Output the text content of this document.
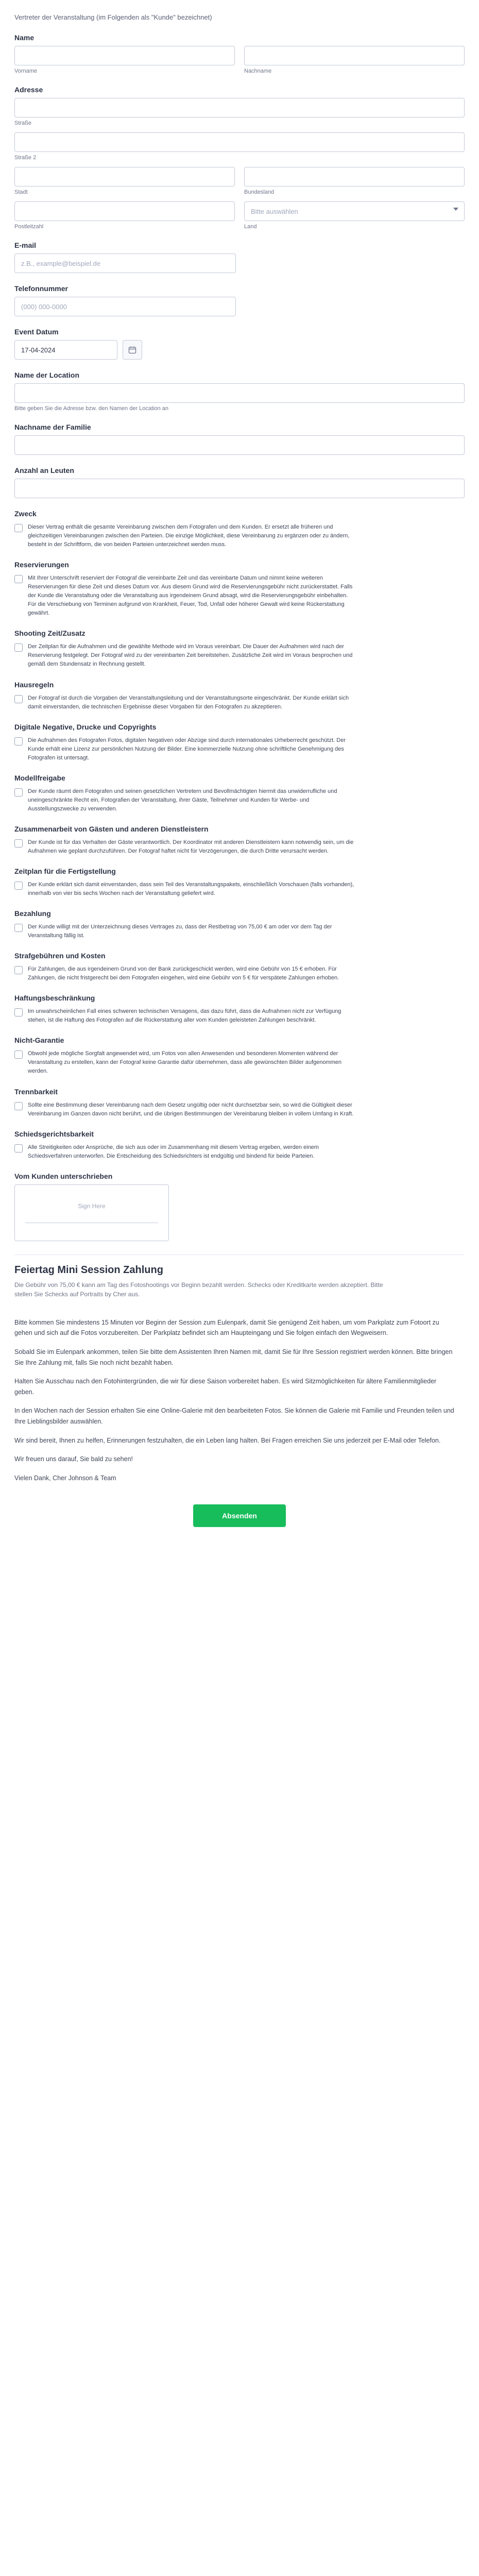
Vertreter der Veranstaltung (im Folgenden als "Kunde" bezeichnet)

Name
Vorname	Nachname
Adresse
Straße
Straße 2
Stadt	Bundesland
Postleitzahl
Bitte auswählen
Land
E-mail
z.B., example@beispiel.de
Telefonnummer
(000) 000-0000
Event Datum
17-04-2024
Name der Location
Bitte geben Sie die Adresse bzw. den Namen der Location an
Nachname der Familie
Anzahl an Leuten
Zweck
Dieser Vertrag enthält die gesamte Vereinbarung zwischen dem Fotografen und dem Kunden. Er ersetzt alle früheren und gleichzeitigen Vereinbarungen zwischen den Parteien. Die einzige Möglichkeit, diese Vereinbarung zu ergänzen oder zu ändern, besteht in der Schriftform, die von beiden Parteien unterzeichnet werden muss.
Reservierungen
Mit Ihrer Unterschrift reserviert der Fotograf die vereinbarte Zeit und das vereinbarte Datum und nimmt keine weiteren Reservierungen für diese Zeit und dieses Datum vor. Aus diesem Grund wird die Reservierungsgebühr nicht zurückerstattet. Falls der Kunde die Veranstaltung oder die Veranstaltung aus irgendeinem Grund absagt, wird die Reservierungsgebühr einbehalten. Für die Verschiebung von Terminen aufgrund von Krankheit, Feuer, Tod, Unfall oder höherer Gewalt wird keine Rückerstattung gewährt.
Shooting Zeit/Zusatz
Der Zeitplan für die Aufnahmen und die gewählte Methode wird im Voraus vereinbart. Die Dauer der Aufnahmen wird nach der Reservierung festgelegt. Der Fotograf wird zu der vereinbarten Zeit bereitstehen. Zusätzliche Zeit wird im Voraus besprochen und gemäß dem Stundensatz in Rechnung gestellt.
Hausregeln
Der Fotograf ist durch die Vorgaben der Veranstaltungsleitung und der Veranstaltungsorte eingeschränkt. Der Kunde erklärt sich damit einverstanden, die technischen Ergebnisse dieser Vorgaben für den Fotografen zu akzeptieren.
Digitale Negative, Drucke und Copyrights
Die Aufnahmen des Fotografen Fotos, digitalen Negativen oder Abzüge sind durch internationales Urheberrecht geschützt. Der Kunde erhält eine Lizenz zur persönlichen Nutzung der Bilder. Eine kommerzielle Nutzung ohne schriftliche Genehmigung des Fotografen ist untersagt.
Modellfreigabe
Der Kunde räumt dem Fotografen und seinen gesetzlichen Vertretern und Bevollmächtigten hiermit das unwiderrufliche und uneingeschränkte Recht ein, Fotografien der Veranstaltung, ihrer Gäste, Teilnehmer und Kunden für Werbe- und Ausstellungszwecke zu verwenden.
Zusammenarbeit von Gästen und anderen Dienstleistern
Der Kunde ist für das Verhalten der Gäste verantwortlich. Der Koordinator mit anderen Dienstleistern kann notwendig sein, um die Aufnahmen wie geplant durchzuführen. Der Fotograf haftet nicht für Verzögerungen, die durch Dritte verursacht werden.
Zeitplan für die Fertigstellung
Der Kunde erklärt sich damit einverstanden, dass sein Teil des Veranstaltungspakets, einschließlich Vorschauen (falls vorhanden), innerhalb von vier bis sechs Wochen nach der Veranstaltung geliefert wird.
Bezahlung
Der Kunde willigt mit der Unterzeichnung dieses Vertrages zu, dass der Restbetrag von 75,00 € am oder vor dem Tag der Veranstaltung fällig ist.
Strafgebühren und Kosten
Für Zahlungen, die aus irgendeinem Grund von der Bank zurückgeschickt werden, wird eine Gebühr von 15 € erhoben. Für Zahlungen, die nicht fristgerecht bei dem Fotografen eingehen, wird eine Gebühr von 5 € für verspätete Zahlungen erhoben.
Haftungsbeschränkung
Im unwahrscheinlichen Fall eines schweren technischen Versagens, das dazu führt, dass die Aufnahmen nicht zur Verfügung stehen, ist die Haftung des Fotografen auf die Rückerstattung aller vom Kunden geleisteten Zahlungen beschränkt.
Nicht-Garantie
Obwohl jede mögliche Sorgfalt angewendet wird, um Fotos von allen Anwesenden und besonderen Momenten während der Veranstaltung zu erstellen, kann der Fotograf keine Garantie dafür übernehmen, dass alle gewünschten Bilder aufgenommen werden.
Trennbarkeit
Sollte eine Bestimmung dieser Vereinbarung nach dem Gesetz ungültig oder nicht durchsetzbar sein, so wird die Gültigkeit dieser Vereinbarung im Ganzen davon nicht berührt, und die übrigen Bestimmungen der Vereinbarung bleiben in vollem Umfang in Kraft.
Schiedsgerichtsbarkeit
Alle Streitigkeiten oder Ansprüche, die sich aus oder im Zusammenhang mit diesem Vertrag ergeben, werden einem Schiedsverfahren unterworfen. Die Entscheidung des Schiedsrichters ist endgültig und bindend für beide Parteien.
Vom Kunden unterschrieben
Sign Here
Feiertag Mini Session Zahlung
Die Gebühr von 75,00 € kann am Tag des Fotoshootings vor Beginn bezahlt werden. Schecks oder Kreditkarte werden akzeptiert. Bitte stellen Sie Schecks auf Portraits by Cher aus.

Bitte kommen Sie mindestens 15 Minuten vor Beginn der Session zum Eulenpark, damit Sie genügend Zeit haben, um vom Parkplatz zum Fotoort zu gehen und sich auf die Fotos vorzubereiten. Der Parkplatz befindet sich am Haupteingang und Sie folgen einfach den Wegweisern.

Sobald Sie im Eulenpark ankommen, teilen Sie bitte dem Assistenten Ihren Namen mit, damit Sie für Ihre Session registriert werden können. Bitte bringen Sie Ihre Zahlung mit, falls Sie noch nicht bezahlt haben.

Halten Sie Ausschau nach den Fotohintergründen, die wir für diese Saison vorbereitet haben. Es wird Sitzmöglichkeiten für ältere Familienmitglieder geben.

In den Wochen nach der Session erhalten Sie eine Online-Galerie mit den bearbeiteten Fotos. Sie können die Galerie mit Familie und Freunden teilen und Ihre Lieblingsbilder auswählen.

Wir sind bereit, Ihnen zu helfen, Erinnerungen festzuhalten, die ein Leben lang halten. Bei Fragen erreichen Sie uns jederzeit per E-Mail oder Telefon.

Wir freuen uns darauf, Sie bald zu sehen!

Vielen Dank, Cher Johnson & Team

Absenden
